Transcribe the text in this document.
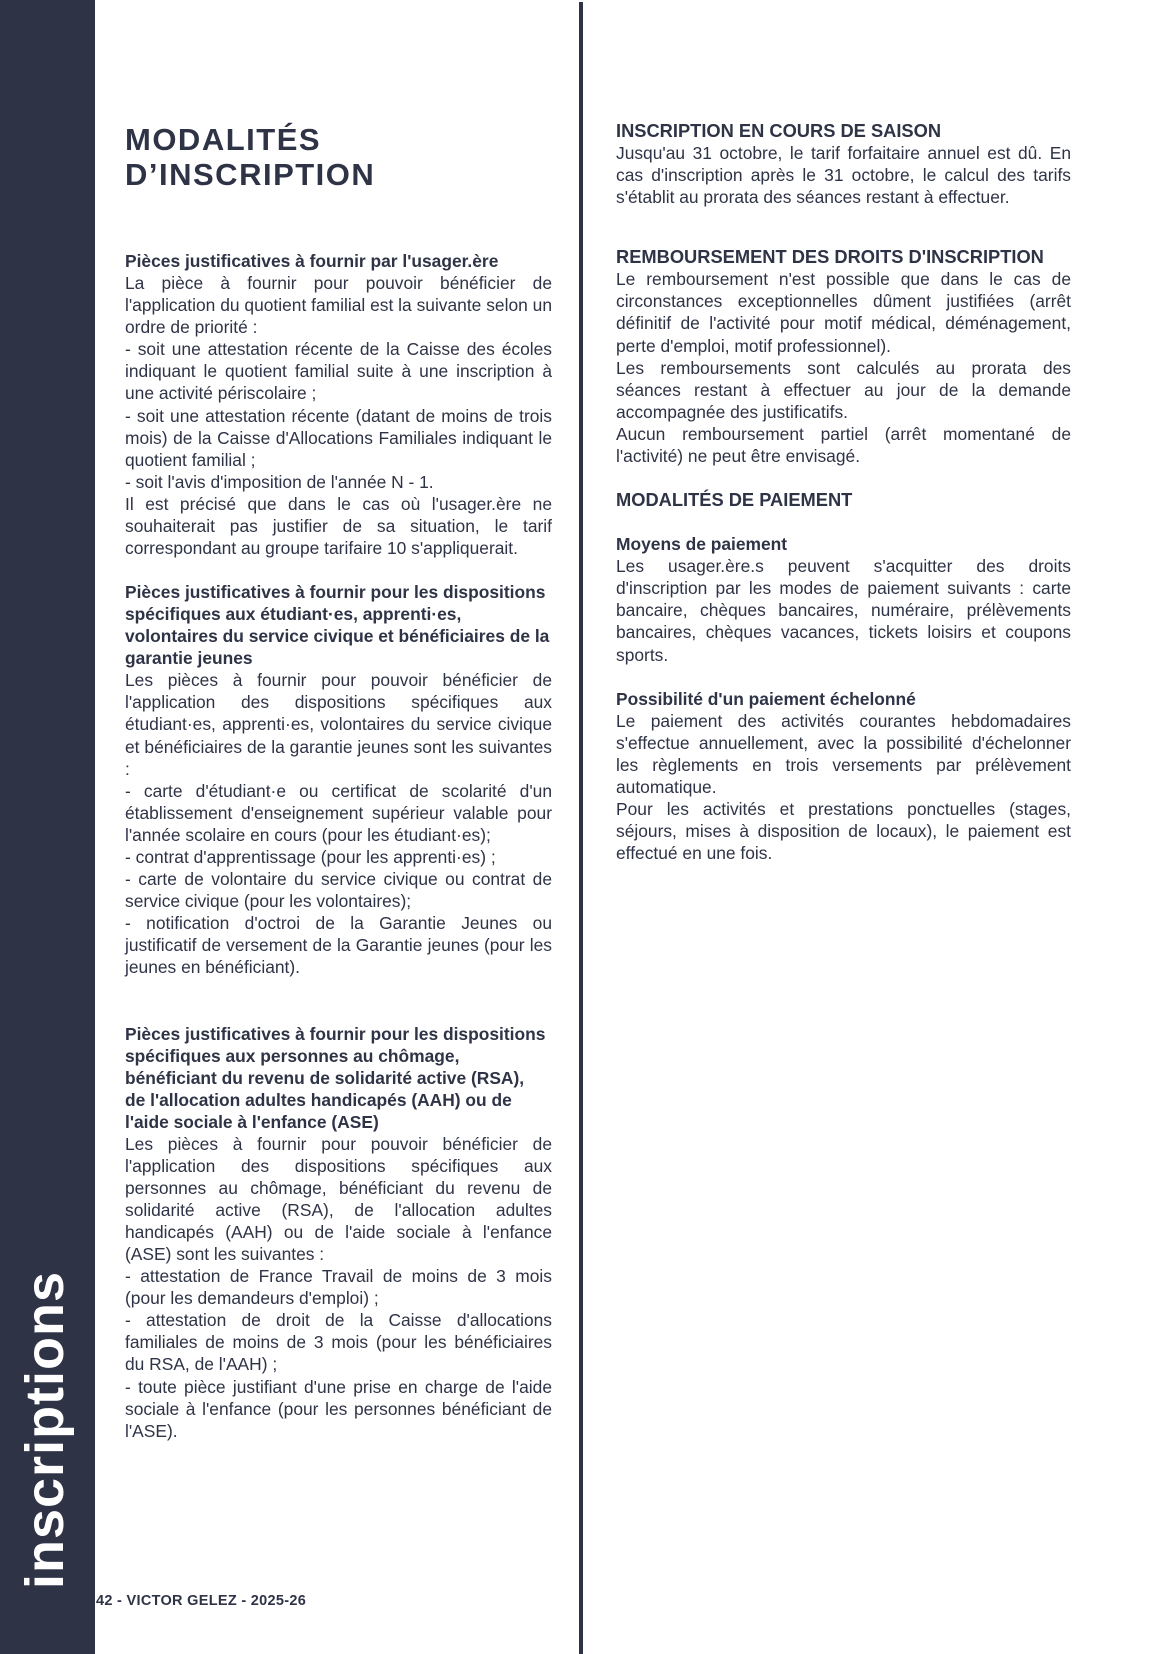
inscriptions
MODALITÉS
D’INSCRIPTION

Pièces justificatives à fournir par l'usager.ère

La pièce à fournir pour pouvoir bénéficier de l'application du quotient familial est la suivante selon un ordre de priorité :

- soit une attestation récente de la Caisse des écoles indiquant le quotient familial suite à une inscription à une activité périscolaire ;

- soit une attestation récente (datant de moins de trois mois) de la Caisse d'Allocations Familiales indiquant le quotient familial ;

- soit l'avis d'imposition de l'année N - 1.

Il est précisé que dans le cas où l'usager.ère ne souhaiterait pas justifier de sa situation, le tarif correspondant au groupe tarifaire 10 s'appliquerait.

Pièces justificatives à fournir pour les dispositions spécifiques aux étudiant·es, apprenti·es, volontaires du service civique et bénéficiaires de la garantie jeunes

Les pièces à fournir pour pouvoir bénéficier de l'application des dispositions spécifiques aux étudiant·es, apprenti·es, volontaires du service civique et bénéficiaires de la garantie jeunes sont les suivantes :

- carte d'étudiant·e ou certificat de scolarité d'un établissement d'enseignement supérieur valable pour l'année scolaire en cours (pour les étudiant·es);

- contrat d'apprentissage (pour les apprenti·es) ;

- carte de volontaire du service civique ou contrat de service civique (pour les volontaires);

- notification d'octroi de la Garantie Jeunes ou justificatif de versement de la Garantie jeunes (pour les jeunes en bénéficiant).

Pièces justificatives à fournir pour les dispositions spécifiques aux personnes au chômage, bénéficiant du revenu de solidarité active (RSA),

de l'allocation adultes handicapés (AAH) ou de l'aide sociale à l'enfance (ASE)

Les pièces à fournir pour pouvoir bénéficier de l'application des dispositions spécifiques aux personnes au chômage, bénéficiant du revenu de solidarité active (RSA), de l'allocation adultes handicapés (AAH) ou de l'aide sociale à l'enfance (ASE) sont les suivantes :

- attestation de France Travail de moins de 3 mois (pour les demandeurs d'emploi) ;

- attestation de droit de la Caisse d'allocations familiales de moins de 3 mois (pour les bénéficiaires du RSA, de l'AAH) ;

- toute pièce justifiant d'une prise en charge de l'aide sociale à l'enfance (pour les personnes bénéficiant de l'ASE).

INSCRIPTION EN COURS DE SAISON

Jusqu'au 31 octobre, le tarif forfaitaire annuel est dû. En cas d'inscription après le 31 octobre, le calcul des tarifs s'établit au prorata des séances restant à effectuer.

REMBOURSEMENT DES DROITS D'INSCRIPTION

Le remboursement n'est possible que dans le cas de circonstances exceptionnelles dûment justifiées (arrêt définitif de l'activité pour motif médical, déménagement, perte d'emploi, motif professionnel).

Les remboursements sont calculés au prorata des séances restant à effectuer au jour de la demande accompagnée des justificatifs.

Aucun remboursement partiel (arrêt momentané de l'activité) ne peut être envisagé.

MODALITÉS DE PAIEMENT

Moyens de paiement

Les usager.ère.s peuvent s'acquitter des droits d'inscription par les modes de paiement suivants : carte bancaire, chèques bancaires, numéraire, prélèvements bancaires, chèques vacances, tickets loisirs et coupons sports.

Possibilité d'un paiement échelonné

Le paiement des activités courantes hebdomadaires s'effectue annuellement, avec la possibilité d'échelonner les règlements en trois versements par prélèvement automatique.

Pour les activités et prestations ponctuelles (stages, séjours, mises à disposition de locaux), le paiement est effectué en une fois.

42 - VICTOR GELEZ - 2025-26
